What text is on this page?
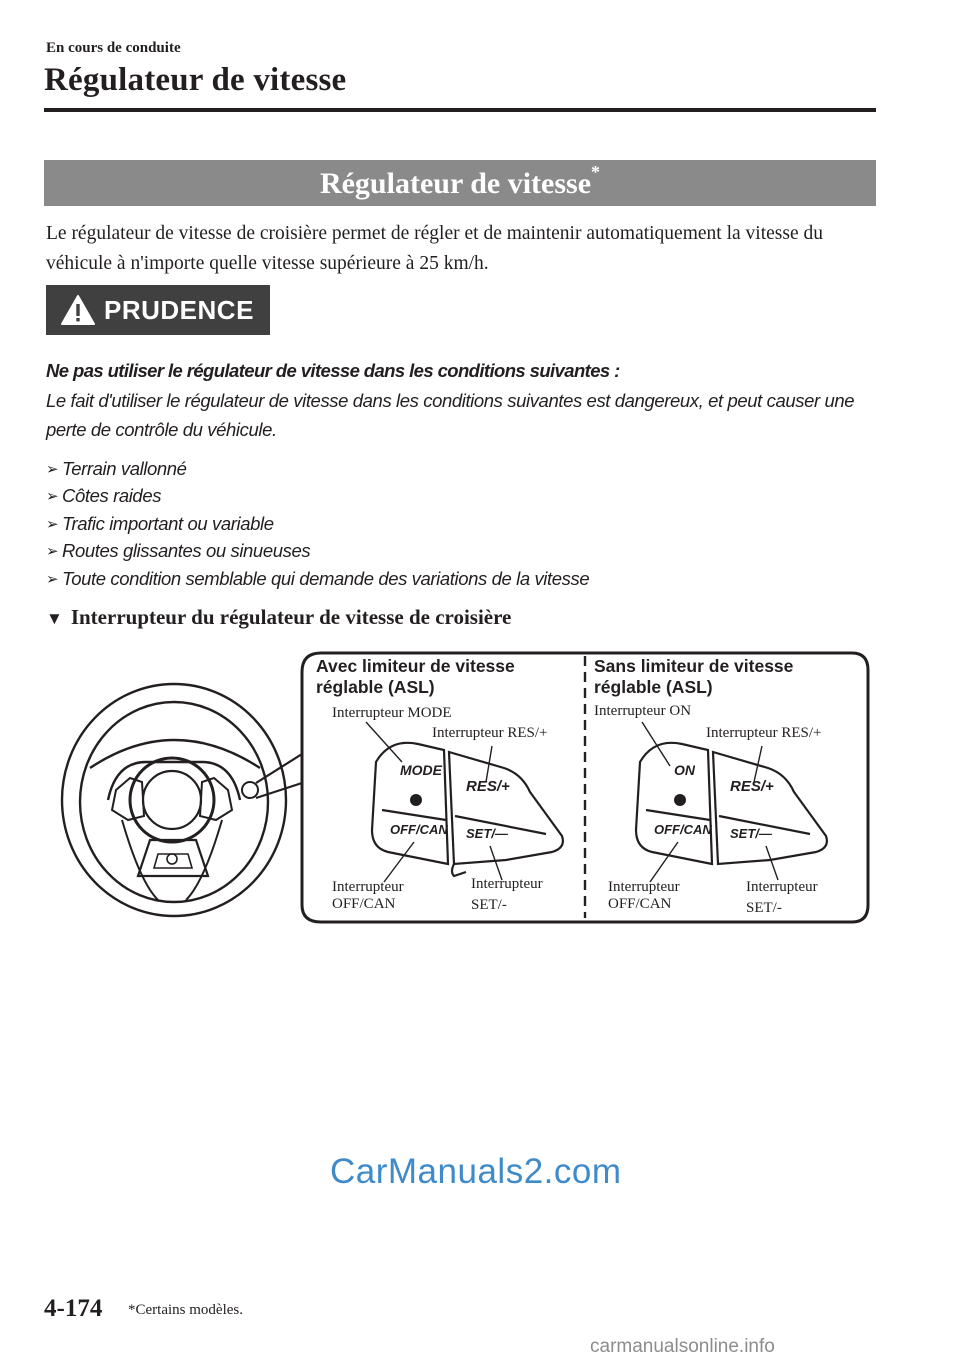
En cours de conduite
Régulateur de vitesse
Régulateur de vitesse*
Le régulateur de vitesse de croisière permet de régler et de maintenir automatiquement la vitesse du véhicule à n'importe quelle vitesse supérieure à 25 km/h.
PRUDENCE
Ne pas utiliser le régulateur de vitesse dans les conditions suivantes :
Le fait d'utiliser le régulateur de vitesse dans les conditions suivantes est dangereux, et peut causer une perte de contrôle du véhicule.
➢ Terrain vallonné
➢ Côtes raides
➢ Trafic important ou variable
➢ Routes glissantes ou sinueuses
➢ Toute condition semblable qui demande des variations de la vitesse
▼ Interrupteur du régulateur de vitesse de croisière
MODE
RES/+
OFF/CAN SET/—
ON
RES/+
OFF/CAN SET/—
Avec limiteur de vitesse
réglable (ASL)
Interrupteur MODE
Interrupteur RES/+
Interrupteur
OFF/CAN
Interrupteur
SET/-
Sans limiteur de vitesse
réglable (ASL)
Interrupteur ON
Interrupteur RES/+
Interrupteur
OFF/CAN
Interrupteur
SET/-
CarManuals2.com
4-174 *Certains modèles.
carmanualsonline.info
